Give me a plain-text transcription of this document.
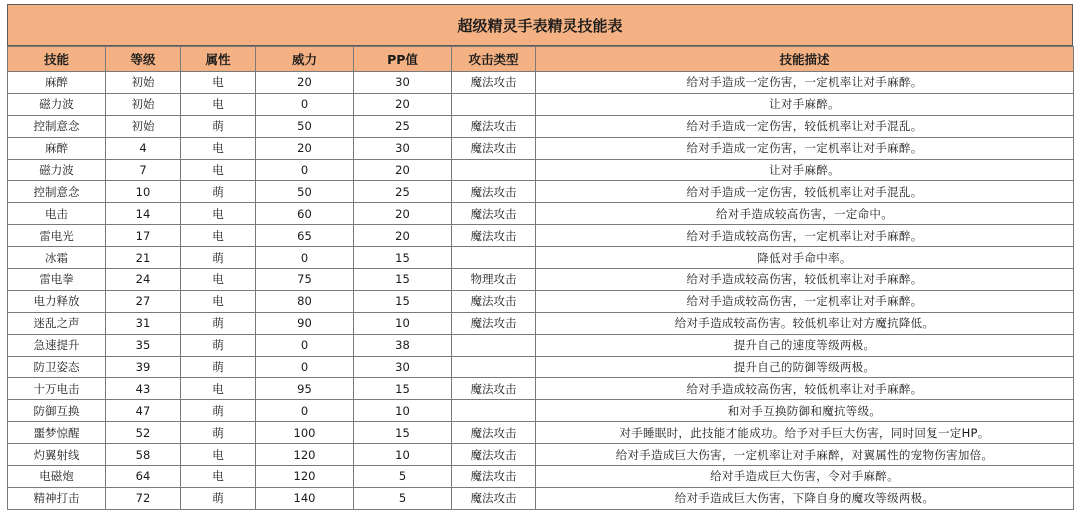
超级精灵手表精灵技能表
技能	等级	属性	威力	PP值	攻击类型	技能描述
麻醉	初始	电	20	30	魔法攻击	给对手造成一定伤害，一定机率让对手麻醉。
磁力波	初始	电	0	20		让对手麻醉。
控制意念	初始	萌	50	25	魔法攻击	给对手造成一定伤害，较低机率让对手混乱。
麻醉	4	电	20	30	魔法攻击	给对手造成一定伤害，一定机率让对手麻醉。
磁力波	7	电	0	20		让对手麻醉。
控制意念	10	萌	50	25	魔法攻击	给对手造成一定伤害，较低机率让对手混乱。
电击	14	电	60	20	魔法攻击	给对手造成较高伤害，一定命中。
雷电光	17	电	65	20	魔法攻击	给对手造成较高伤害，一定机率让对手麻醉。
冰霜	21	萌	0	15		降低对手命中率。
雷电拳	24	电	75	15	物理攻击	给对手造成较高伤害，较低机率让对手麻醉。
电力释放	27	电	80	15	魔法攻击	给对手造成较高伤害，一定机率让对手麻醉。
迷乱之声	31	萌	90	10	魔法攻击	给对手造成较高伤害。较低机率让对方魔抗降低。
急速提升	35	萌	0	38		提升自己的速度等级两极。
防卫姿态	39	萌	0	30		提升自己的防御等级两极。
十万电击	43	电	95	15	魔法攻击	给对手造成较高伤害，较低机率让对手麻醉。
防御互换	47	萌	0	10		和对手互换防御和魔抗等级。
噩梦惊醒	52	萌	100	15	魔法攻击	对手睡眠时，此技能才能成功。给予对手巨大伤害，同时回复一定HP。
灼翼射线	58	电	120	10	魔法攻击	给对手造成巨大伤害，一定机率让对手麻醉，对翼属性的宠物伤害加倍。
电磁炮	64	电	120	5	魔法攻击	给对手造成巨大伤害，令对手麻醉。
精神打击	72	萌	140	5	魔法攻击	给对手造成巨大伤害，下降自身的魔攻等级两极。
